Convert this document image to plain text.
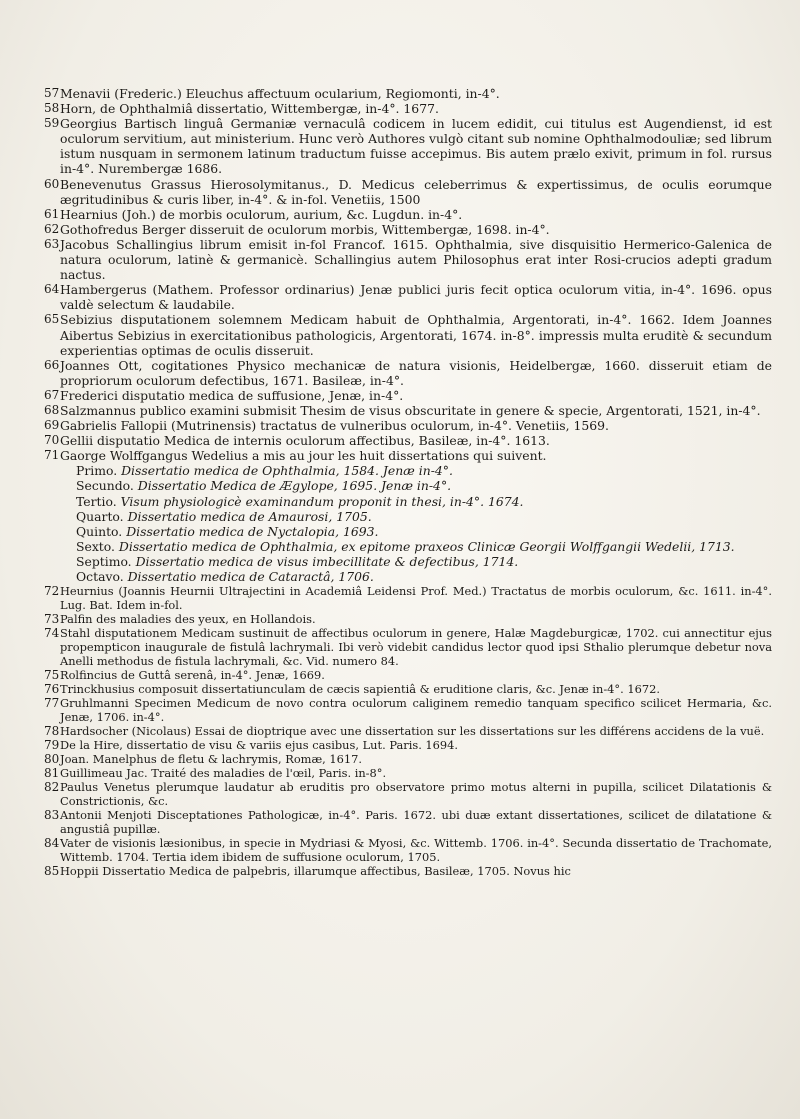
57 Menavii (Frederic.) Eleuchus affectuum ocularium, Regiomonti, in-4°.
58 Horn, de Ophthalmiâ dissertatio, Wittembergæ, in-4°. 1677.
59 Georgius Bartisch linguâ Germaniæ vernaculâ codicem in lucem edidit, cui titulus est Augendienst, id est oculorum servitium, aut ministerium. Hunc verò Authores vulgò citant sub nomine Ophthalmodouliæ; sed librum istum nusquam in sermonem latinum traductum fuisse accepimus. Bis autem prælo exivit, primum in fol. rursus in-4°. Nurembergæ 1686.
60 Benevenutus Grassus Hierosolymitanus., D. Medicus celeberrimus & expertissimus, de oculis eorumque ægritudinibus & curis liber, in-4°. & in-fol. Venetiis, 1500
61 Hearnius (Joh.) de morbis oculorum, aurium, &c. Lugdun. in-4°.
62 Gothofredus Berger disseruit de oculorum morbis, Wittembergæ, 1698. in-4°.
63 Jacobus Schallingius librum emisit in-fol Francof. 1615. Ophthalmia, sive disquisitio Hermerico-Galenica de natura oculorum, latinè & germanicè. Schallingius autem Philosophus erat inter Rosi-crucios adepti gradum nactus.
64 Hambergerus (Mathem. Professor ordinarius) Jenæ publici juris fecit optica oculorum vitia, in-4°. 1696. opus valdè selectum & laudabile.
65 Sebizius disputationem solemnem Medicam habuit de Ophthalmia, Argentorati, in-4°. 1662. Idem Joannes Aibertus Sebizius in exercitationibus pathologicis, Argentorati, 1674. in-8°. impressis multa eruditè & secundum experientias optimas de oculis disseruit.
66 Joannes Ott, cogitationes Physico mechanicæ de natura visionis, Heidelbergæ, 1660. disseruit etiam de propriorum oculorum defectibus, 1671. Basileæ, in-4°.
67 Frederici disputatio medica de suffusione, Jenæ, in-4°.
68 Salzmannus publico examini submisit Thesim de visus obscuritate in genere & specie, Argentorati, 1521, in-4°.
69 Gabrielis Fallopii (Mutrinensis) tractatus de vulneribus oculorum, in-4°. Venetiis, 1569.
70 Gellii disputatio Medica de internis oculorum affectibus, Basileæ, in-4°. 1613.
71 Gaorge Wolffgangus Wedelius a mis au jour les huit dissertations qui suivent.
Primo. Dissertatio medica de Ophthalmia, 1584. Jenæ in-4°.
Secundo. Dissertatio Medica de Ægylope, 1695. Jenæ in-4°.
Tertio. Visum physiologicè examinandum proponit in thesi, in-4°. 1674.
Quarto. Dissertatio medica de Amaurosi, 1705.
Quinto. Dissertatio medica de Nyctalopia, 1693.
Sexto. Dissertatio medica de Ophthalmia, ex epitome praxeos Clinicæ Georgii Wolffgangii Wedelii, 1713.
Septimo. Dissertatio medica de visus imbecillitate & defectibus, 1714.
Octavo. Dissertatio medica de Cataractâ, 1706.
72 Heurnius (Joannis Heurnii Ultrajectini in Academiâ Leidensi Prof. Med.) Tractatus de morbis oculorum, &c. 1611. in-4°. Lug. Bat. Idem in-fol.
73 Palfin des maladies des yeux, en Hollandois.
74 Stahl disputationem Medicam sustinuit de affectibus oculorum in genere, Halæ Magdeburgicæ, 1702. cui annectitur ejus propempticon inaugurale de fistulâ lachrymali. Ibi verò videbit candidus lector quod ipsi Sthalio plerumque debetur nova Anelli methodus de fistula lachrymali, &c. Vid. numero 84.
75 Rolfincius de Guttâ serenâ, in-4°. Jenæ, 1669.
76 Trinckhusius composuit dissertatiunculam de cæcis sapientiâ & eruditione claris, &c. Jenæ in-4°. 1672.
77 Gruhlmanni Specimen Medicum de novo contra oculorum caliginem remedio tanquam specifico scilicet Hermaria, &c. Jenæ, 1706. in-4°.
78 Hardsocher (Nicolaus) Essai de dioptrique avec une dissertation sur les dissertations sur les différens accidens de la vuë.
79 De la Hire, dissertatio de visu & variis ejus casibus, Lut. Paris. 1694.
80 Joan. Manelphus de fletu & lachrymis, Romæ, 1617.
81 Guillimeau Jac. Traité des maladies de l'œil, Paris. in-8°.
82 Paulus Venetus plerumque laudatur ab eruditis pro observatore primo motus alterni in pupilla, scilicet Dilatationis & Constrictionis, &c.
83 Antonii Menjoti Disceptationes Pathologicæ, in-4°. Paris. 1672. ubi duæ extant dissertationes, scilicet de dilatatione & angustiâ pupillæ.
84 Vater de visionis læsionibus, in specie in Mydriasi & Myosi, &c. Wittemb. 1706. in-4°. Secunda dissertatio de Trachomate, Wittemb. 1704. Tertia idem ibidem de suffusione oculorum, 1705.
85 Hoppii Dissertatio Medica de palpebris, illarumque affectibus, Basileæ, 1705. Novus hic
